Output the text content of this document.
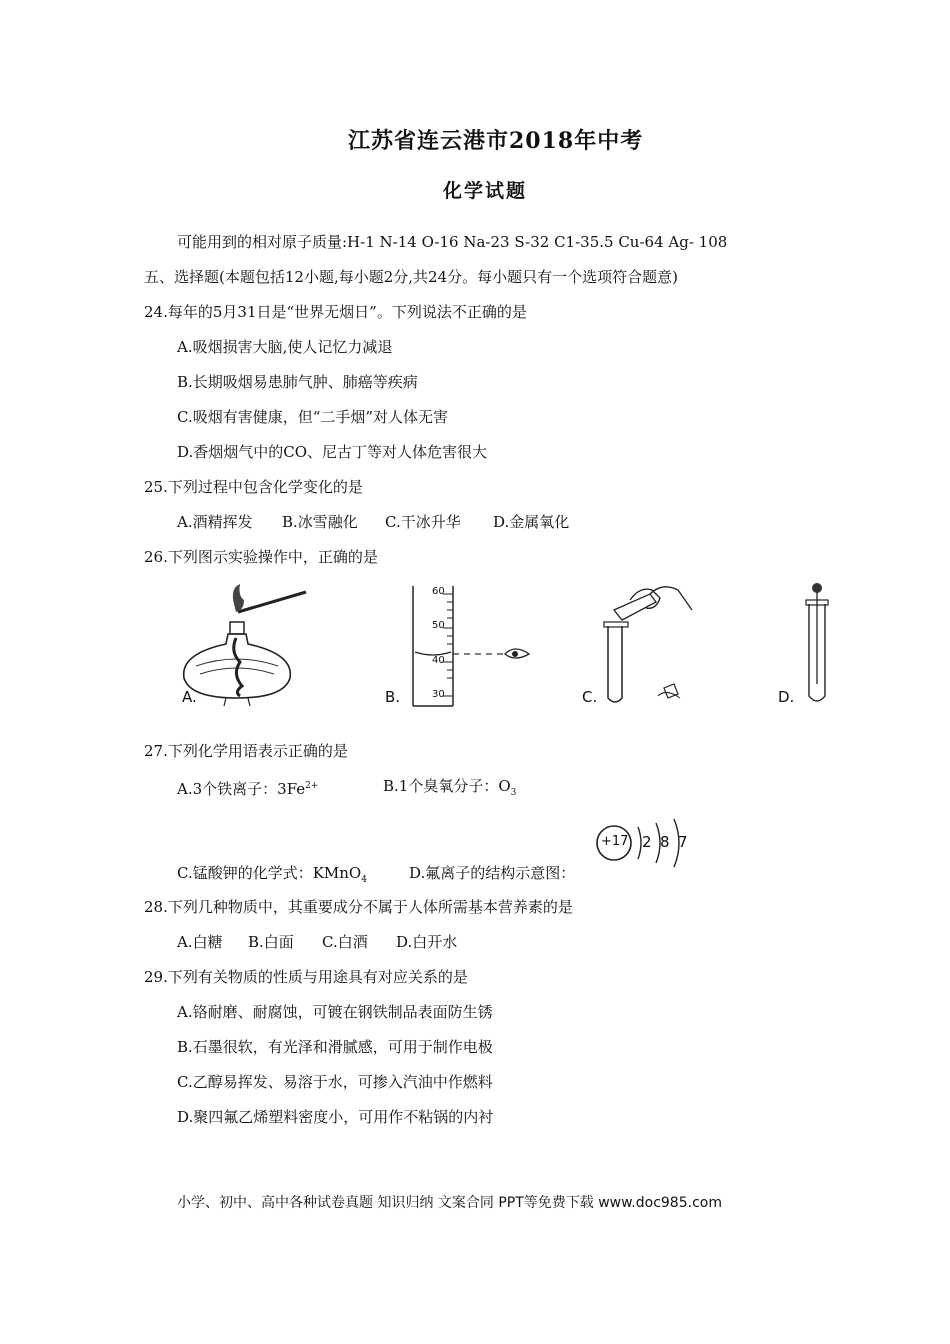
江苏省连云港市2018年中考
化学试题
可能用到的相对原子质量:H-1 N-14 O-16 Na-23 S-32 C1-35.5 Cu-64 Ag- 108
五、选择题(本题包括12小题,每小题2分,共24分。每小题只有一个选项符合题意)
24.每年的5月31日是“世界无烟日”。下列说法不正确的是
A.吸烟损害大脑,使人记忆力减退
B.长期吸烟易患肺气肿、肺癌等疾病
C.吸烟有害健康，但“二手烟”对人体无害
D.香烟烟气中的CO、尼古丁等对人体危害很大
25.下列过程中包含化学变化的是
A.酒精挥发 B.冰雪融化 C.干冰升华 D.金属氧化
26.下列图示实验操作中，正确的是
A.
60
50
40
30
B.	C.	D.
27.下列化学用语表示正确的是
A.3个铁离子：$3Fe^{2+}$	B.1个臭氧分子：$O_3$
C.锰酸钾的化学式：KMnO$_4$	D.氟离子的结构示意图：
+17 2 8 7
28.下列几种物质中，其重要成分不属于人体所需基本营养素的是
A.白糖 B.白面 C.白酒 D.白开水
29.下列有关物质的性质与用途具有对应关系的是
A.铬耐磨、耐腐蚀，可镀在钢铁制品表面防生锈
B.石墨很软，有光泽和滑腻感，可用于制作电极
C.乙醇易挥发、易溶于水，可掺入汽油中作燃料
D.聚四氟乙烯塑料密度小，可用作不粘锅的内衬
小学、初中、高中各种试卷真题 知识归纳 文案合同 PPT等免费下载 www.doc985.com
